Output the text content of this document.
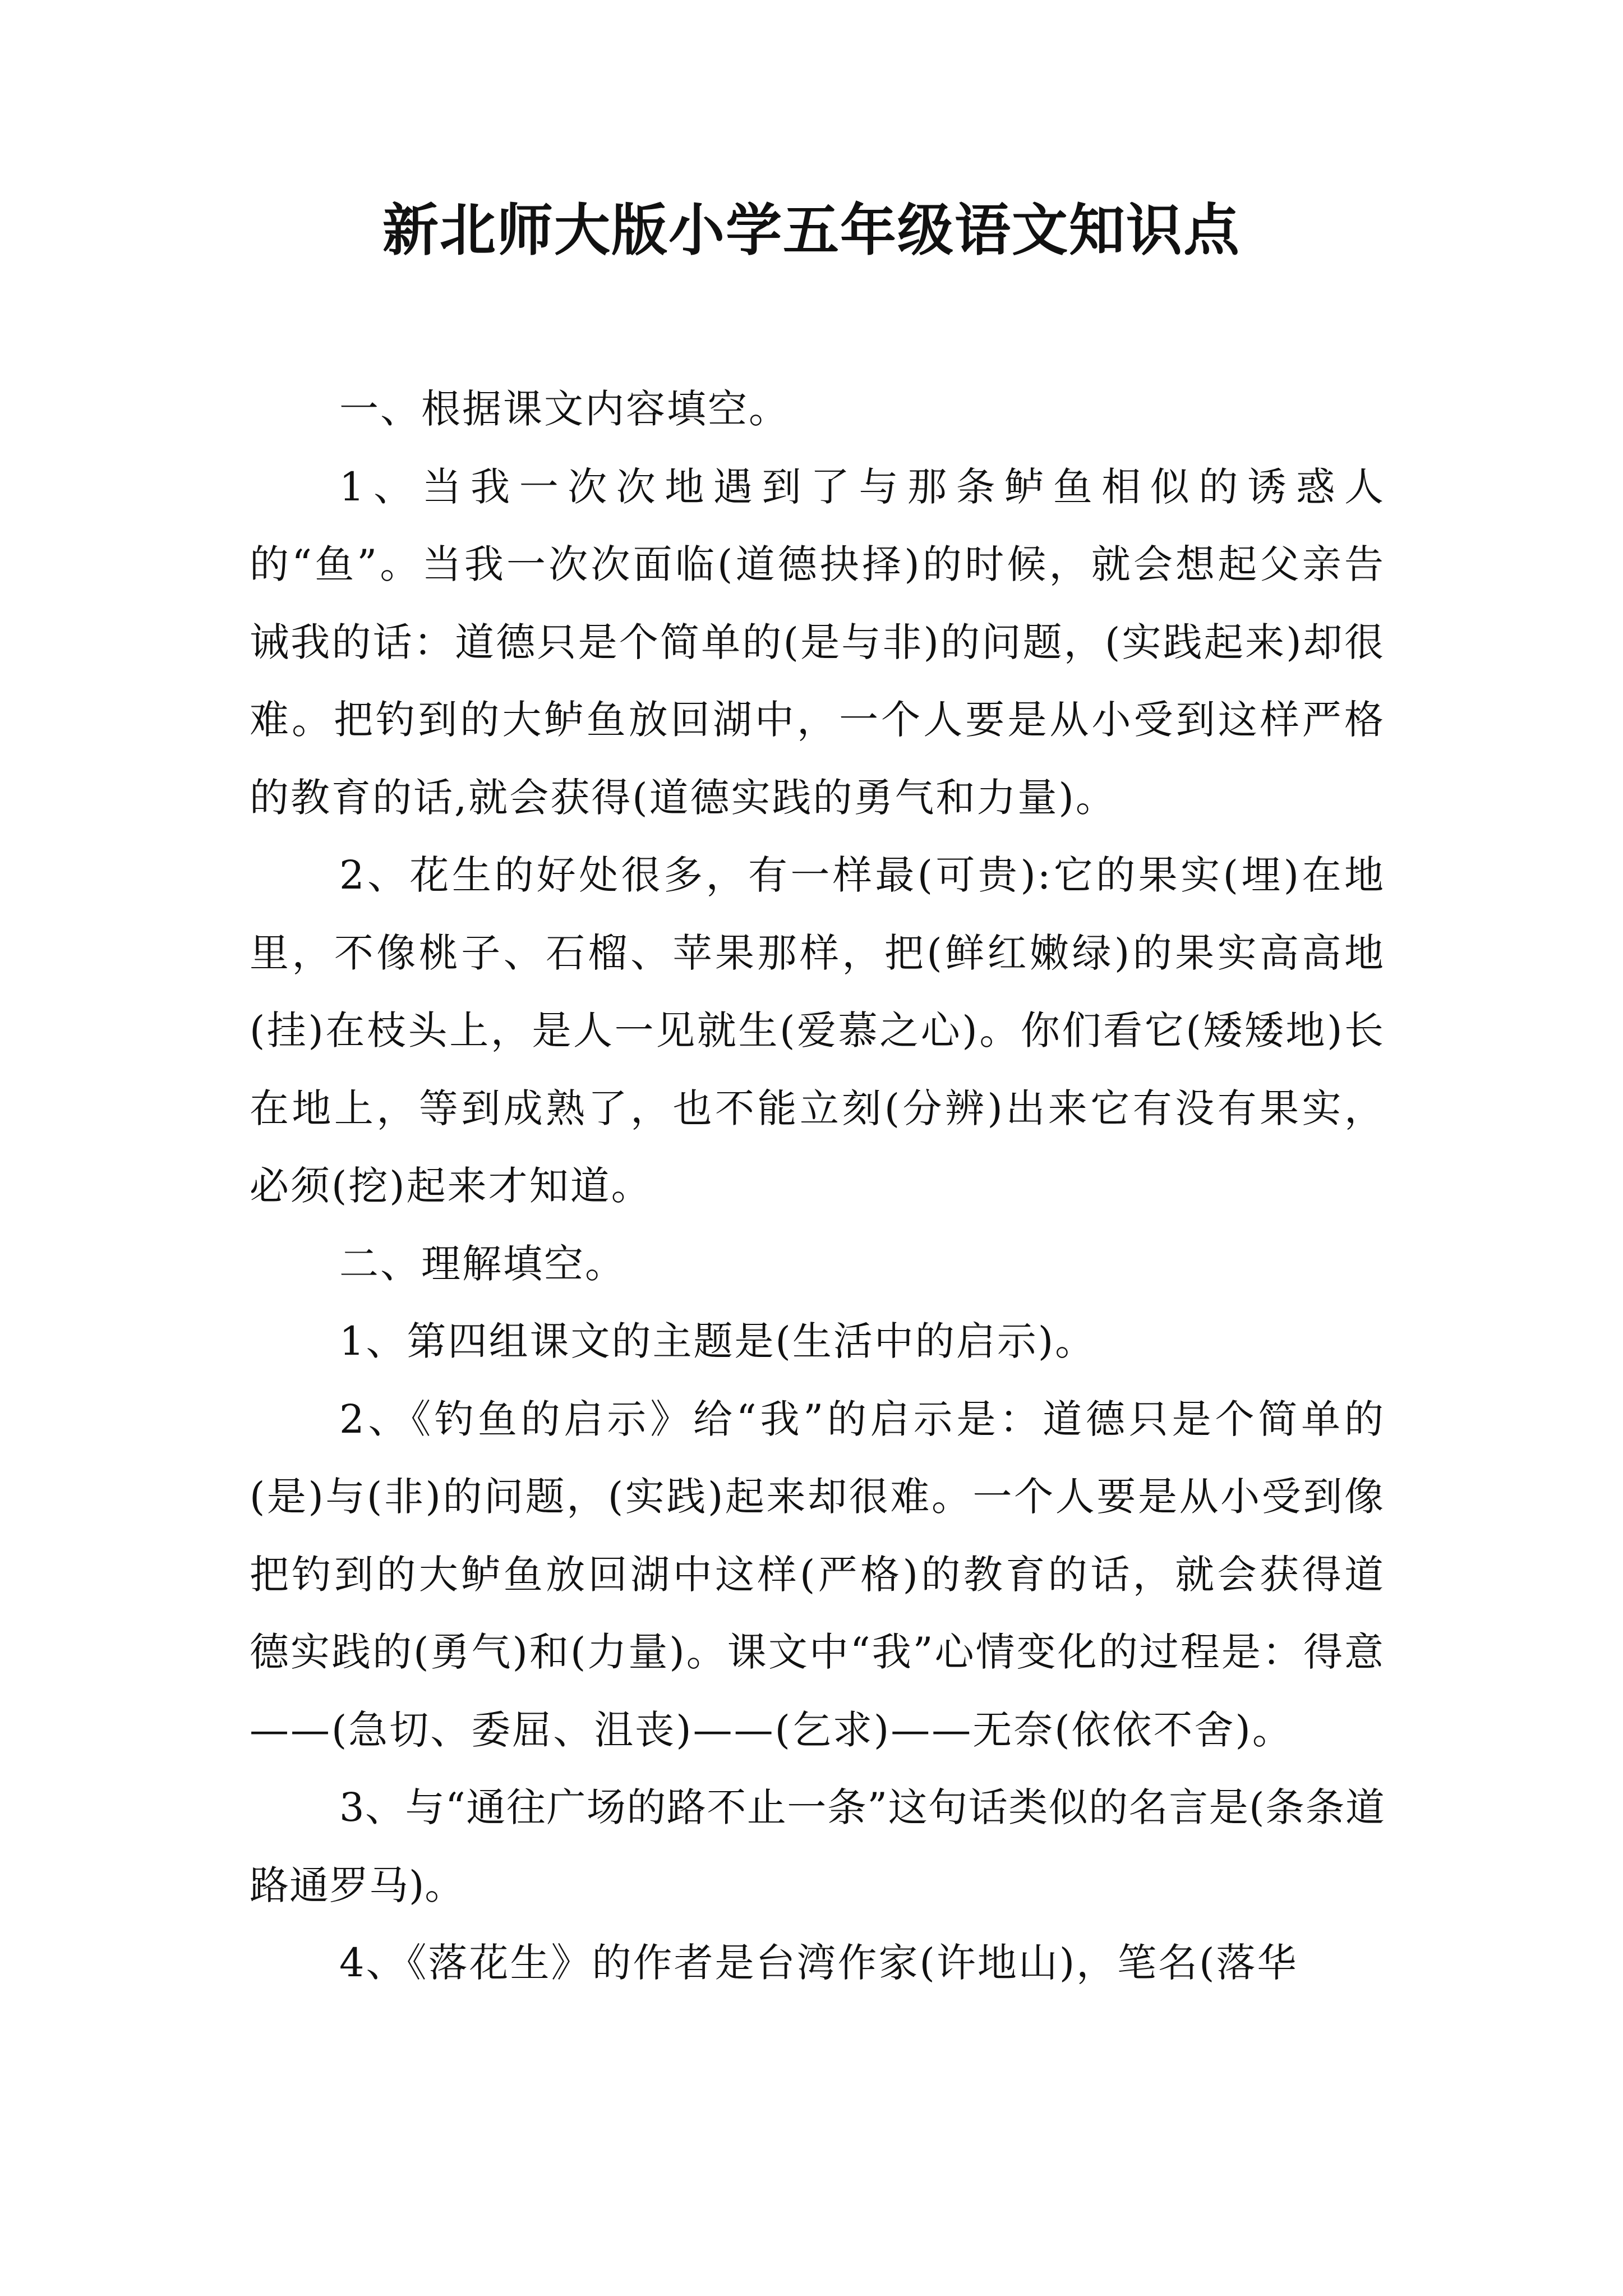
新北师大版小学五年级语文知识点

一、根据课文内容填空。

1、当我一次次地遇到了与那条鲈鱼相似的诱惑人的“鱼”。当我一次次面临(道德抉择)的时候，就会想起父亲告诫我的话：道德只是个简单的(是与非)的问题，(实践起来)却很难。把钓到的大鲈鱼放回湖中，一个人要是从小受到这样严格的教育的话,就会获得(道德实践的勇气和力量)。

2、花生的好处很多，有一样最(可贵):它的果实(埋)在地里，不像桃子、石榴、苹果那样，把(鲜红嫩绿)的果实高高地(挂)在枝头上，是人一见就生(爱慕之心)。你们看它(矮矮地)长在地上，等到成熟了，也不能立刻(分辨)出来它有没有果实，必须(挖)起来才知道。

二、理解填空。

1、第四组课文的主题是(生活中的启示)。

2、《钓鱼的启示》给“我”的启示是：道德只是个简单的(是)与(非)的问题，(实践)起来却很难。一个人要是从小受到像把钓到的大鲈鱼放回湖中这样(严格)的教育的话，就会获得道德实践的(勇气)和(力量)。课文中“我”心情变化的过程是：得意——(急切、委屈、沮丧)——(乞求)——无奈(依依不舍)。

3、与“通往广场的路不止一条”这句话类似的名言是(条条道路通罗马)。

4、《落花生》的作者是台湾作家(许地山)，笔名(落华
